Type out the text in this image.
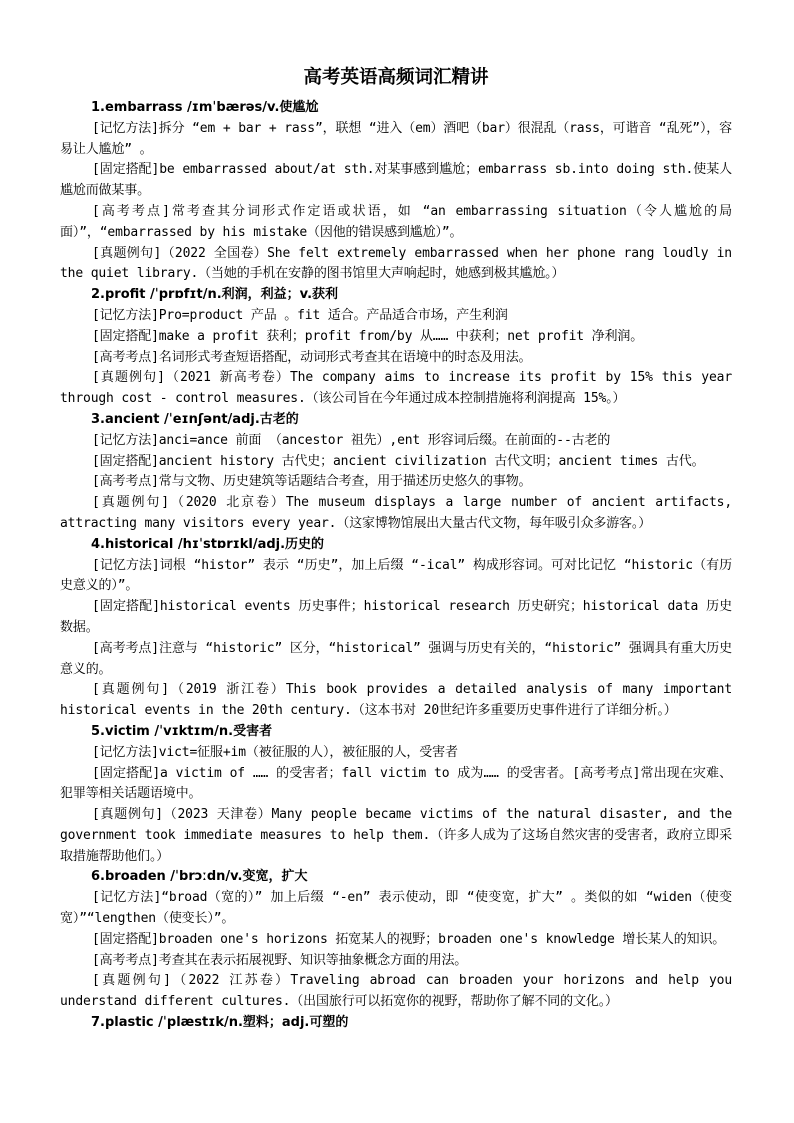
高考英语高频词汇精讲
1.embarrass /ɪmˈbærəs/v.使尴尬

[记忆方法]拆分 “em + bar + rass”，联想 “进入（em）酒吧（bar）很混乱（rass，可谐音 “乱死”），容易让人尴尬” 。

[固定搭配]be embarrassed about/at sth.对某事感到尴尬；embarrass sb.into doing sth.使某人尴尬而做某事。

[高考考点]常考查其分词形式作定语或状语，如 “an embarrassing situation（令人尴尬的局面）”，“embarrassed by his mistake（因他的错误感到尴尬）”。

[真题例句]（2022 全国卷）She felt extremely embarrassed when her phone rang loudly in the quiet library.（当她的手机在安静的图书馆里大声响起时，她感到极其尴尬。）

2.profit /ˈprɒfɪt/n.利润，利益；v.获利

[记忆方法]Pro=product 产品 。fit 适合。产品适合市场，产生利润

[固定搭配]make a profit 获利；profit from/by 从…… 中获利；net profit 净利润。

[高考考点]名词形式考查短语搭配，动词形式考查其在语境中的时态及用法。

[真题例句]（2021 新高考卷）The company aims to increase its profit by 15% this year through cost - control measures.（该公司旨在今年通过成本控制措施将利润提高 15%。）

3.ancient /ˈeɪnʃənt/adj.古老的

[记忆方法]anci=ance 前面 （ancestor 祖先）,ent 形容词后缀。在前面的--古老的

[固定搭配]ancient history 古代史；ancient civilization 古代文明；ancient times 古代。

[高考考点]常与文物、历史建筑等话题结合考查，用于描述历史悠久的事物。

[真题例句]（2020 北京卷）The museum displays a large number of ancient artifacts, attracting many visitors every year.（这家博物馆展出大量古代文物，每年吸引众多游客。）

4.historical /hɪˈstɒrɪkl/adj.历史的

[记忆方法]词根 “histor” 表示 “历史”，加上后缀 “-ical” 构成形容词。可对比记忆 “historic（有历史意义的）”。

[固定搭配]historical events 历史事件；historical research 历史研究；historical data 历史数据。

[高考考点]注意与 “historic” 区分，“historical” 强调与历史有关的，“historic” 强调具有重大历史意义的。

[真题例句]（2019 浙江卷）This book provides a detailed analysis of many important historical events in the 20th century.（这本书对 20世纪许多重要历史事件进行了详细分析。）

5.victim /ˈvɪktɪm/n.受害者

[记忆方法]vict=征服+im（被征服的人），被征服的人，受害者

[固定搭配]a victim of …… 的受害者；fall victim to 成为…… 的受害者。[高考考点]常出现在灾难、犯罪等相关话题语境中。

[真题例句]（2023 天津卷）Many people became victims of the natural disaster, and the government took immediate measures to help them.（许多人成为了这场自然灾害的受害者，政府立即采取措施帮助他们。）

6.broaden /ˈbrɔːdn/v.变宽，扩大

[记忆方法]“broad（宽的）” 加上后缀 “-en” 表示使动，即 “使变宽，扩大” 。类似的如 “widen（使变宽）”“lengthen（使变长）”。

[固定搭配]broaden one's horizons 拓宽某人的视野；broaden one's knowledge 增长某人的知识。

[高考考点]考查其在表示拓展视野、知识等抽象概念方面的用法。

[真题例句]（2022 江苏卷）Traveling abroad can broaden your horizons and help you understand different cultures.（出国旅行可以拓宽你的视野，帮助你了解不同的文化。）

7.plastic /ˈplæstɪk/n.塑料；adj.可塑的
